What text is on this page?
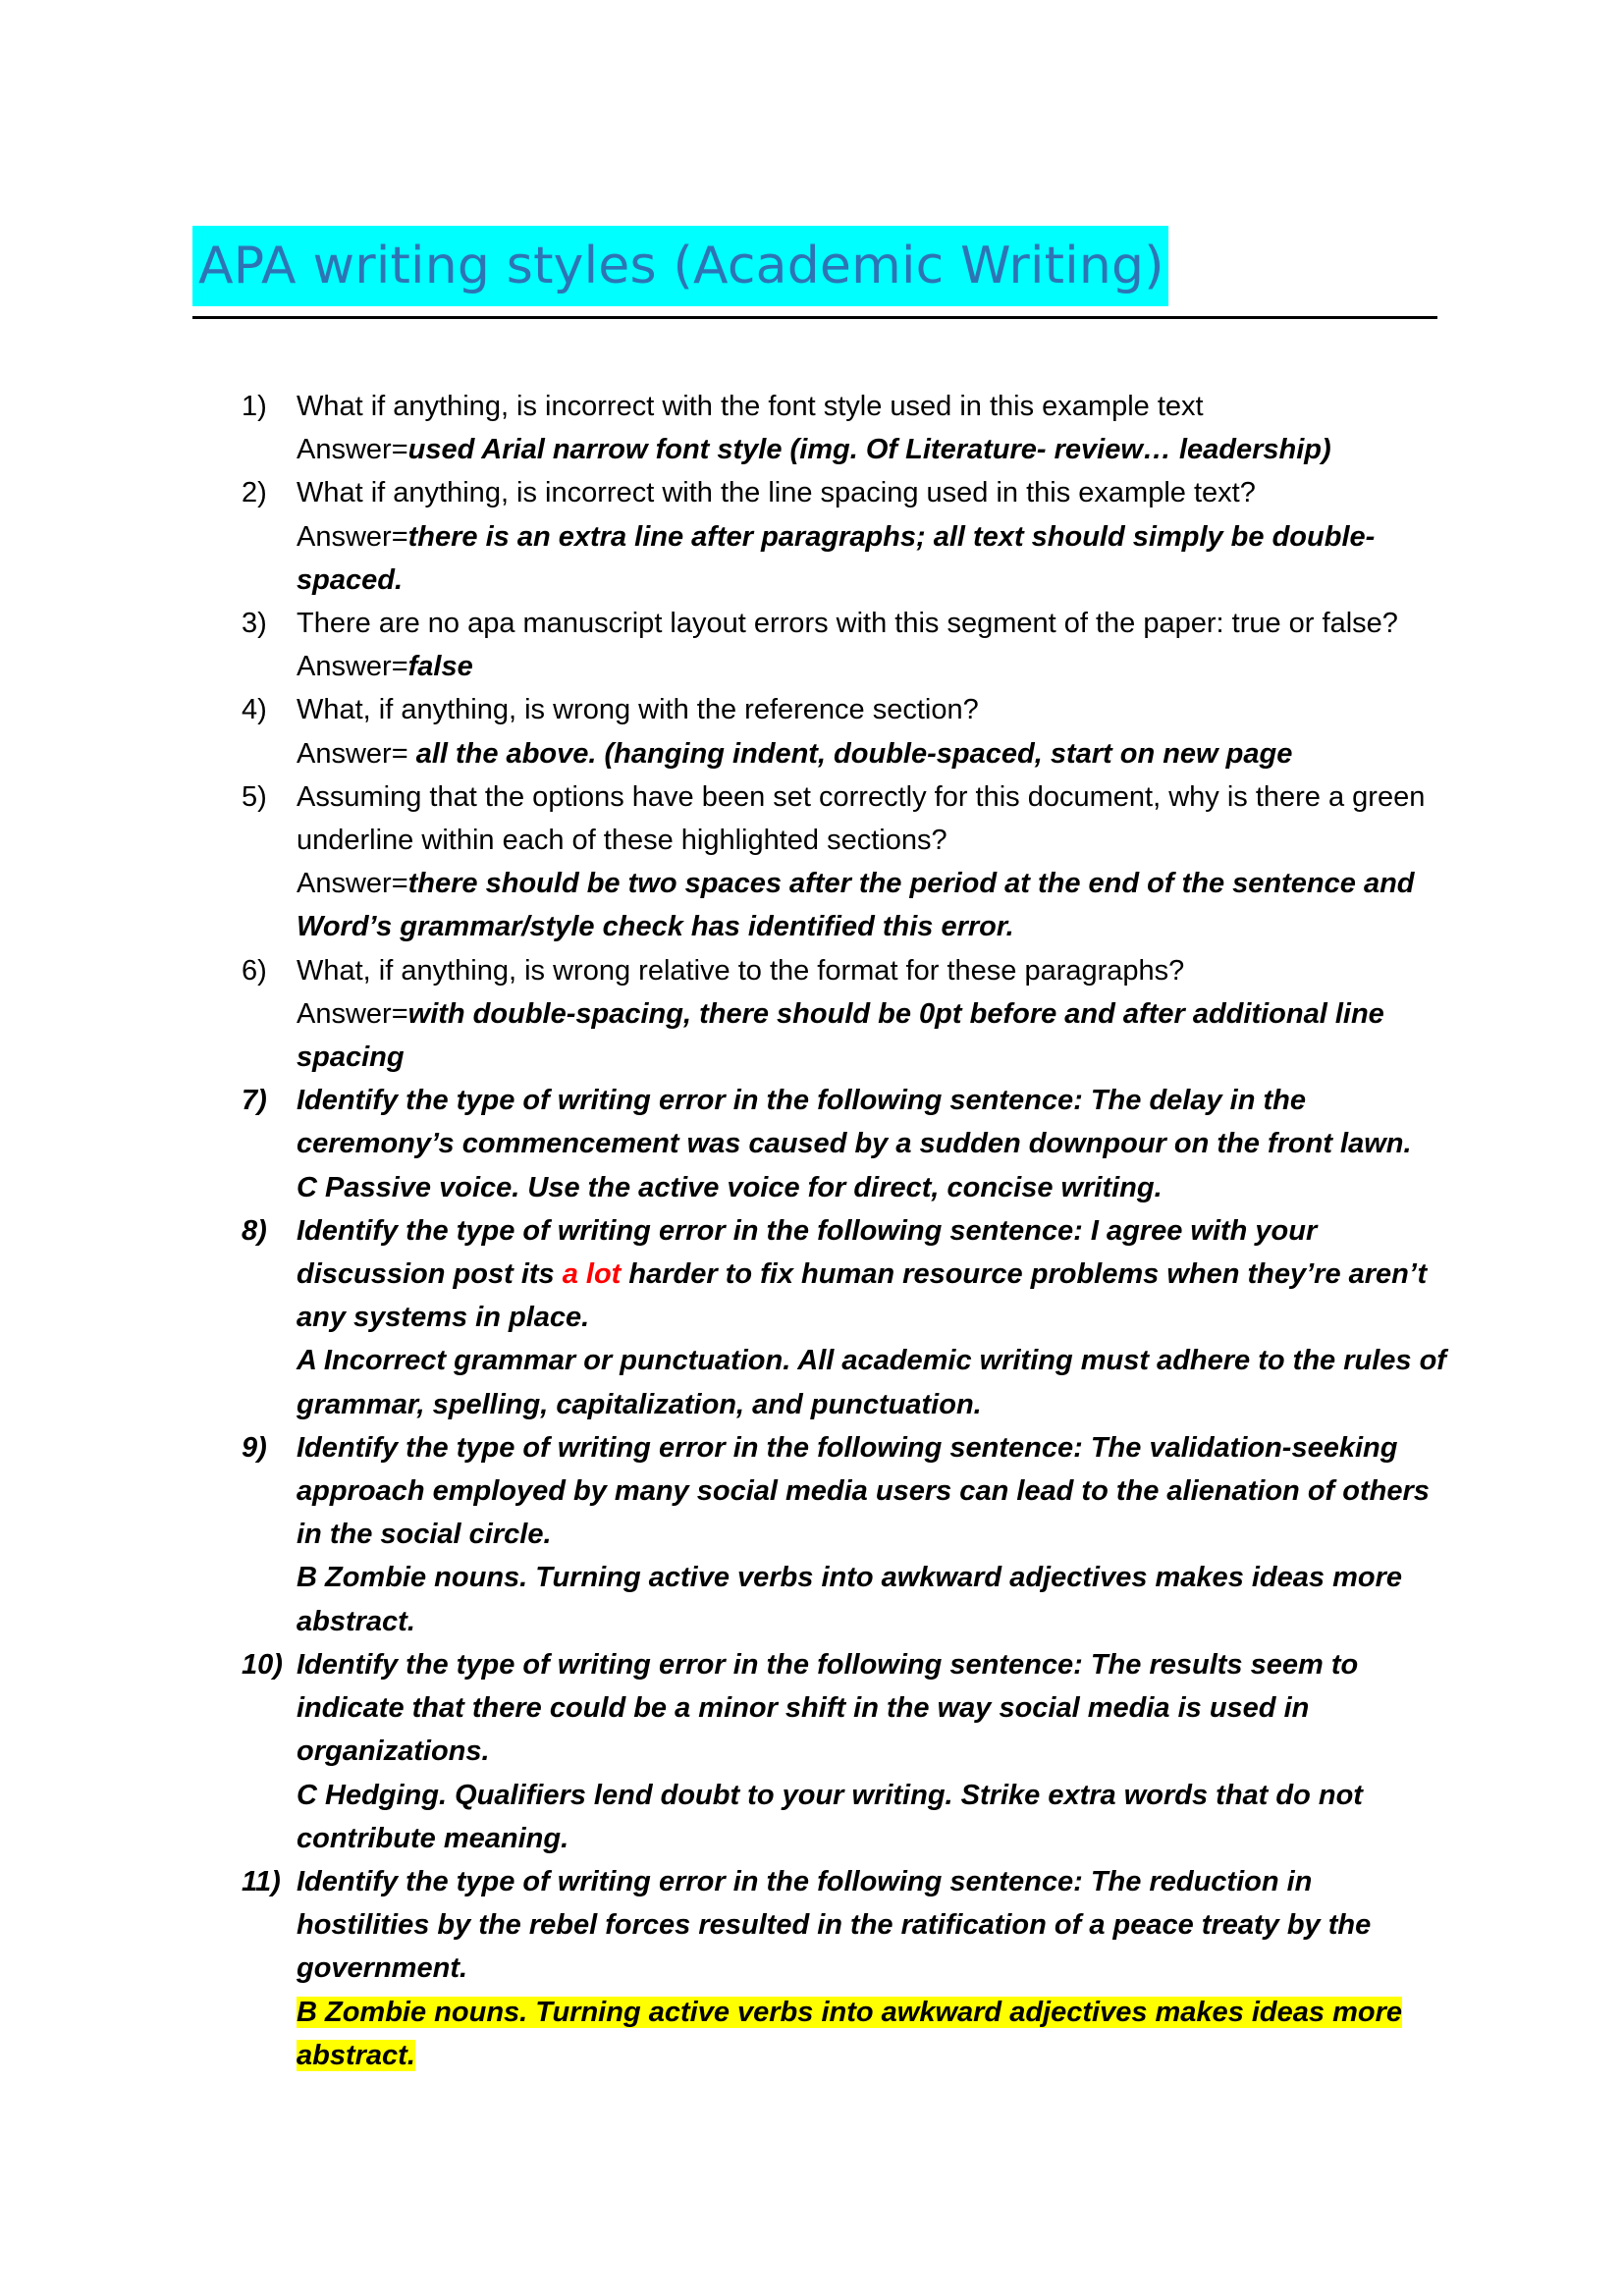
APA writing styles (Academic Writing)
1)	What if anything, is incorrect with the font style used in this example text
Answer=used Arial narrow font style (img. Of Literature- review… leadership)
2)	What if anything, is incorrect with the line spacing used in this example text?
Answer=there is an extra line after paragraphs; all text should simply be double-spaced.
3)	There are no apa manuscript layout errors with this segment of the paper: true or false? Answer=false
4)	What, if anything, is wrong with the reference section?
Answer= all the above. (hanging indent, double-spaced, start on new page
5)	Assuming that the options have been set correctly for this document, why is there a green underline within each of these highlighted sections?
Answer=there should be two spaces after the period at the end of the sentence and Word’s grammar/style check has identified this error.
6)	What, if anything, is wrong relative to the format for these paragraphs?
Answer=with double-spacing, there should be 0pt before and after additional line spacing
7)	Identify the type of writing error in the following sentence: The delay in the ceremony’s commencement was caused by a sudden downpour on the front lawn.
C Passive voice. Use the active voice for direct, concise writing.
8)	Identify the type of writing error in the following sentence: I agree with your discussion post its a lot harder to fix human resource problems when they’re aren’t any systems in place.
A Incorrect grammar or punctuation. All academic writing must adhere to the rules of grammar, spelling, capitalization, and punctuation.
9)	Identify the type of writing error in the following sentence: The validation-seeking approach employed by many social media users can lead to the alienation of others in the social circle.
B Zombie nouns. Turning active verbs into awkward adjectives makes ideas more abstract.
10) Identify the type of writing error in the following sentence: The results seem to indicate that there could be a minor shift in the way social media is used in organizations.
C Hedging. Qualifiers lend doubt to your writing. Strike extra words that do not contribute meaning.
11) Identify the type of writing error in the following sentence: The reduction in hostilities by the rebel forces resulted in the ratification of a peace treaty by the government.
B Zombie nouns. Turning active verbs into awkward adjectives makes ideas more abstract.
